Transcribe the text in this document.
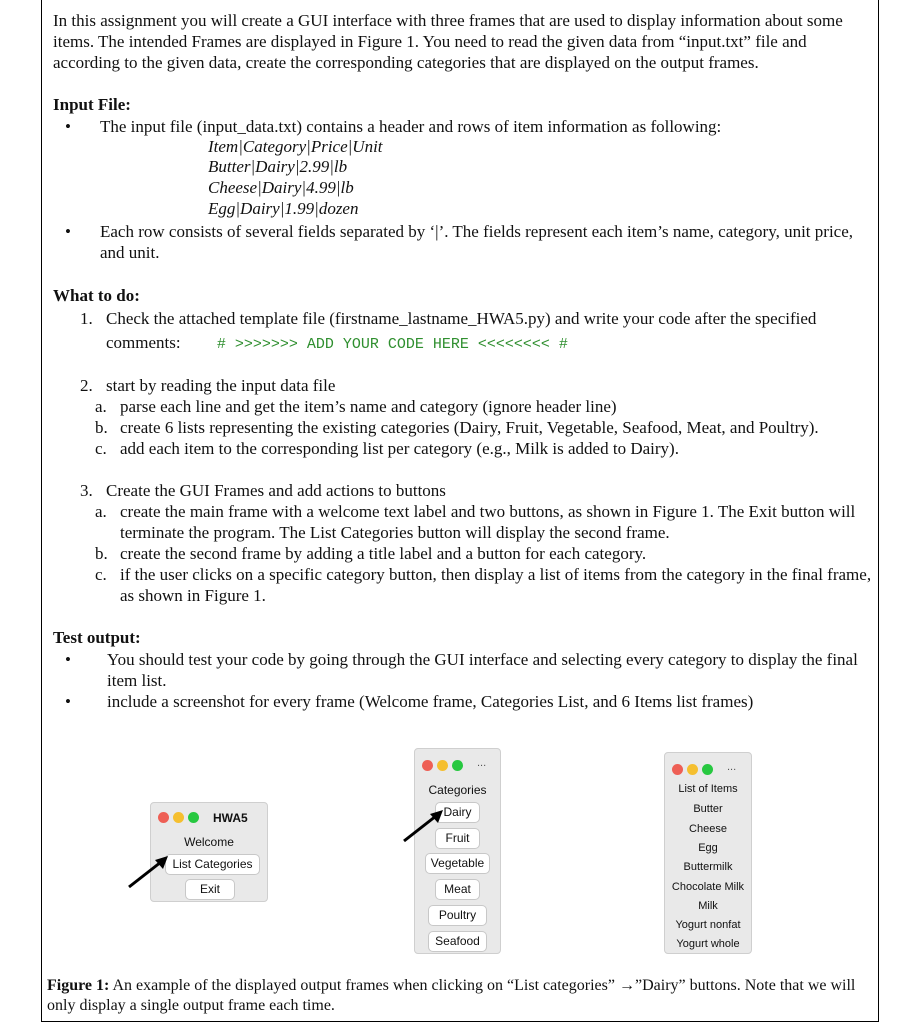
In this assignment you will create a GUI interface with three frames that are used to display information about some items. The intended Frames are displayed in Figure 1. You need to read the given data from “input.txt” file and according to the given data, create the corresponding categories that are displayed on the output frames.
Input File:
• The input file (input_data.txt) contains a header and rows of item information as following:
Item|Category|Price|Unit
Butter|Dairy|2.99|lb
Cheese|Dairy|4.99|lb
Egg|Dairy|1.99|dozen
• Each row consists of several fields separated by ‘|’. The fields represent each item’s name, category, unit price, and unit.
What to do:
1. Check the attached template file (firstname_lastname_HWA5.py) and write your code after the specified
comments: # >>>>>>> ADD YOUR CODE HERE <<<<<<<< #
2. start by reading the input data file
a. parse each line and get the item’s name and category (ignore header line)
b. create 6 lists representing the existing categories (Dairy, Fruit, Vegetable, Seafood, Meat, and Poultry).
c. add each item to the corresponding list per category (e.g., Milk is added to Dairy).
3. Create the GUI Frames and add actions to buttons
a. create the main frame with a welcome text label and two buttons, as shown in Figure 1. The Exit button will terminate the program. The List Categories button will display the second frame.
b. create the second frame by adding a title label and a button for each category.
c. if the user clicks on a specific category button, then display a list of items from the category in the final frame, as shown in Figure 1.
Test output:
• You should test your code by going through the GUI interface and selecting every category to display the final item list.
• include a screenshot for every frame (Welcome frame, Categories List, and 6 Items list frames)
HWA5
Welcome
List Categories
Exit
...
Categories
Dairy
Fruit
Vegetable
Meat
Poultry
Seafood
...
List of Items
Butter
Cheese
Egg
Buttermilk
Chocolate Milk
Milk
Yogurt nonfat
Yogurt whole
Figure 1: An example of the displayed output frames when clicking on “List categories” →”Dairy” buttons. Note that we will only display a single output frame each time.
